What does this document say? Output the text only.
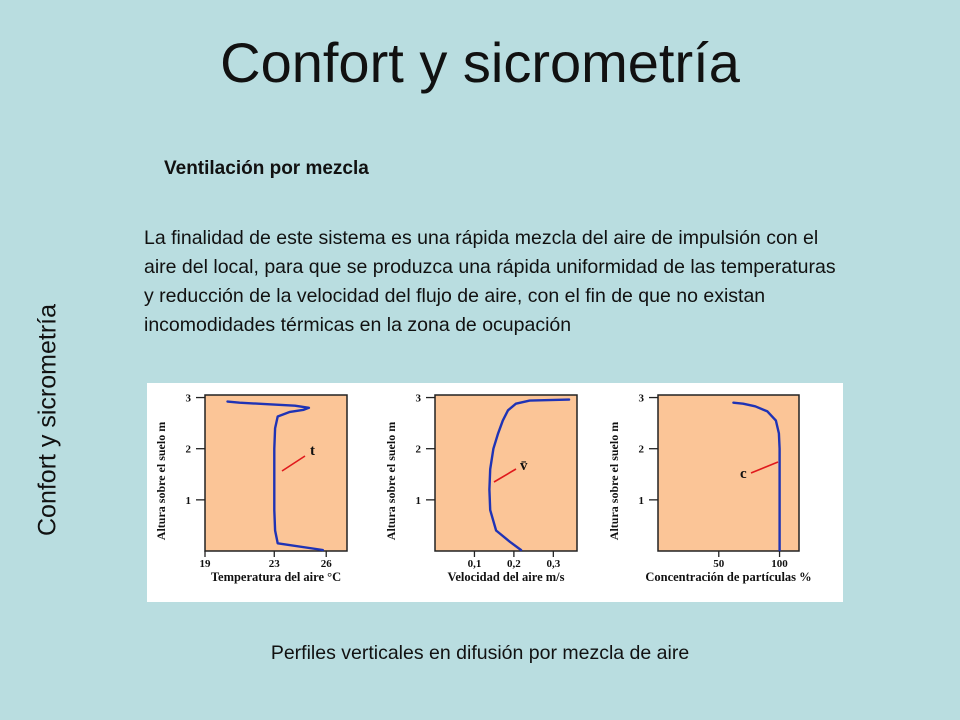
Confort y sicrometría
Confort y sicrometría
Ventilación por mezcla
La finalidad de este sistema es una rápida mezcla del aire de impulsión con el aire del local, para que se produzca una rápida uniformidad de las temperaturas y reducción de la velocidad del flujo de aire, con el fin de que no existan incomodidades térmicas en la zona de ocupación
1
2
3
19	23	26
t
Temperatura del aire °C
Altura sobre el suelo m	1
2
3
0,1 0,2 0,3
v̄
Velocidad del aire m/s
Altura sobre el suelo m	1
2
3
50	100
c
Concentración de partículas %
Altura sobre el suelo m
Perfiles verticales en difusión por mezcla de aire
